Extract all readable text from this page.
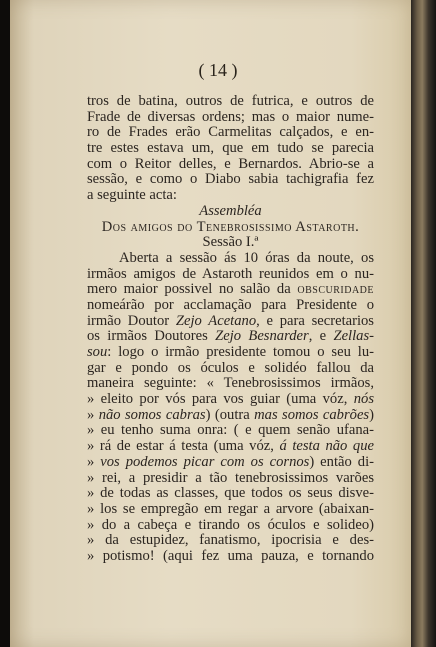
( 14 )
tros de batina, outros de futrica, e outros de
Frade de diversas ordens; mas o maior nume-
ro de Frades erão Carmelitas calçados, e en-
tre estes estava um, que em tudo se parecia
com o Reitor delles, e Bernardos. Abrio-se a
sessão, e como o Diabo sabia tachigrafia fez
a seguinte acta:
Assembléa
Dos amigos do Tenebrosissimo Astaroth.
Sessão I.ª
Aberta a sessão ás 10 óras da noute, os
irmãos amigos de Astaroth reunidos em o nu-
mero maior possivel no salão da obscuridade
nomeárão por acclamação para Presidente o
irmão Doutor Zejo Acetano, e para secretarios
os irmãos Doutores Zejo Besnarder, e Zellas-
sou: logo o irmão presidente tomou o seu lu-
gar e pondo os óculos e solidéo fallou da
maneira seguinte: « Tenebrosissimos irmãos,
» eleito por vós para vos guiar (uma vóz, nós
» não somos cabras) (outra mas somos cabrões)
» eu tenho suma onra: ( e quem senão ufana-
» rá de estar á testa (uma vóz, á testa não que
» vos podemos picar com os cornos) então di-
» rei, a presidir a tão tenebrosissimos varões
» de todas as classes, que todos os seus disve-
» los se empregão em regar a arvore (abaixan-
» do a cabeça e tirando os óculos e solideo)
» da estupidez, fanatismo, ipocrisia e des-
» potismo! (aqui fez uma pauza, e tornando
